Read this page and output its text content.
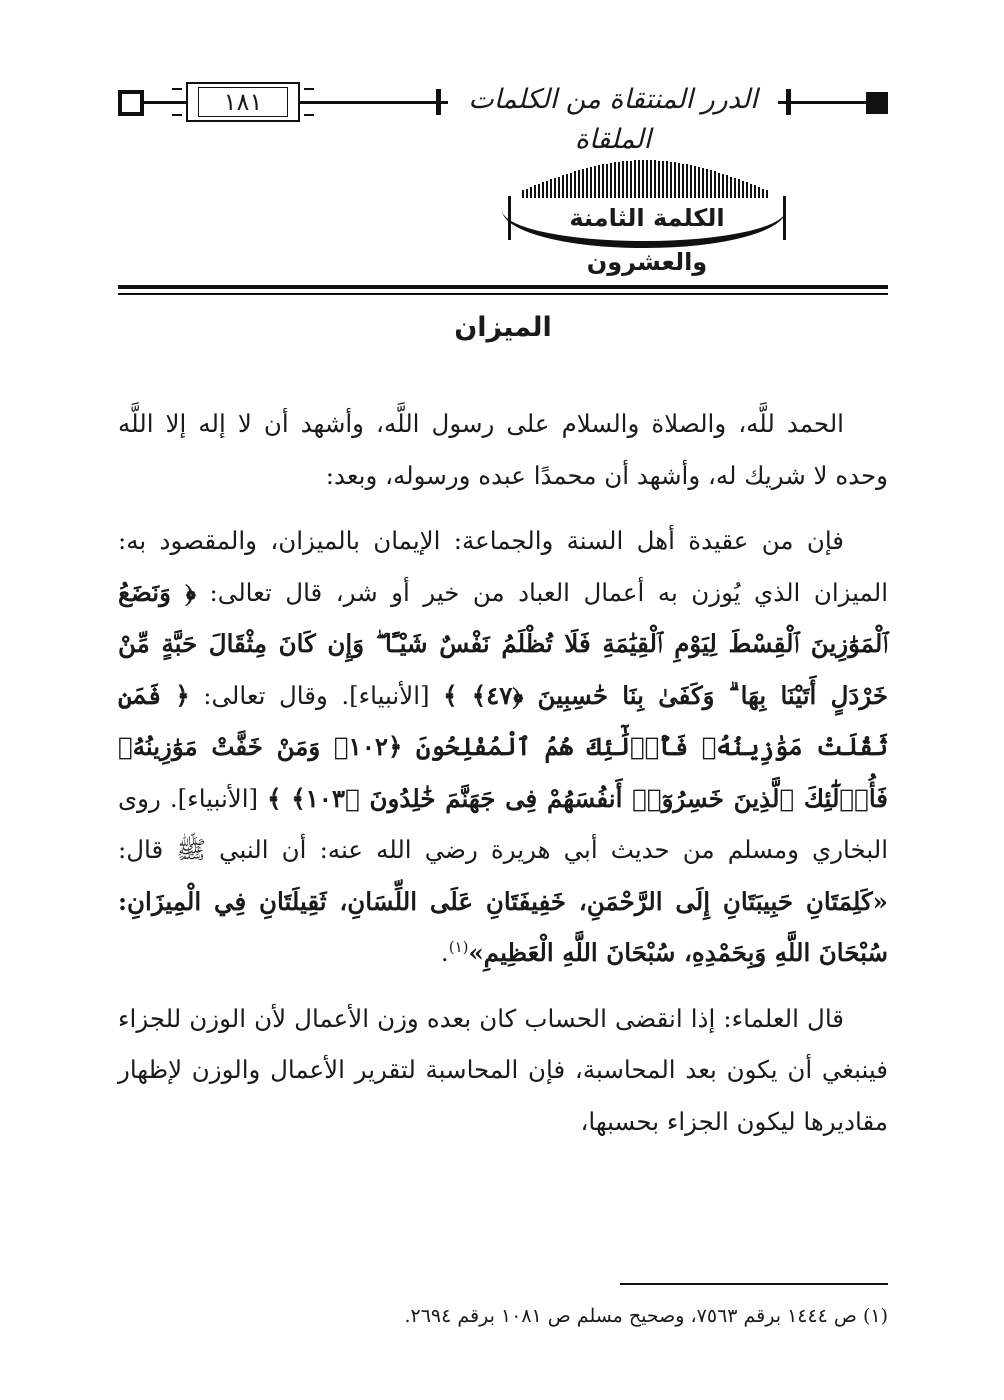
١٨١	الدرر المنتقاة من الكلمات الملقاة
الكلمة الثامنة والعشرون
الميزان

الحمد للَّه، والصلاة والسلام على رسول اللَّه، وأشهد أن لا إله إلا اللَّه وحده لا شريك له، وأشهد أن محمدًا عبده ورسوله، وبعد:

فإن من عقيدة أهل السنة والجماعة: الإيمان بالميزان، والمقصود به: الميزان الذي يُوزن به أعمال العباد من خير أو شر، قال تعالى: ﴿ وَنَضَعُ ٱلْمَوَٰزِينَ ٱلْقِسْطَ لِيَوْمِ ٱلْقِيَٰمَةِ فَلَا تُظْلَمُ نَفْسٌ شَيْـًٔا ۖ وَإِن كَانَ مِثْقَالَ حَبَّةٍ مِّنْ خَرْدَلٍ أَتَيْنَا بِهَا ۗ وَكَفَىٰ بِنَا حَٰسِبِينَ ﴿٤٧﴾ ﴾ [الأنبياء]. وقال تعالى: ﴿ فَمَن ثَقُلَتْ مَوَٰزِينُهُۥ فَأُو۟لَٰٓئِكَ هُمُ ٱلْمُفْلِحُونَ ﴿١٠٢﴾ وَمَنْ خَفَّتْ مَوَٰزِينُهُۥ فَأُو۟لَٰٓئِكَ ٱلَّذِينَ خَسِرُوٓا۟ أَنفُسَهُمْ فِى جَهَنَّمَ خَٰلِدُونَ ﴿١٠٣﴾ ﴾ [الأنبياء]. روى البخاري ومسلم من حديث أبي هريرة رضي الله عنه: أن النبي ﷺ قال: «كَلِمَتَانِ حَبِيبَتَانِ إِلَى الرَّحْمَنِ، خَفِيفَتَانِ عَلَى اللِّسَانِ، ثَقِيلَتَانِ فِي الْمِيزَانِ: سُبْحَانَ اللَّهِ وَبِحَمْدِهِ، سُبْحَانَ اللَّهِ الْعَظِيمِ»$^{(١)}$.

قال العلماء: إذا انقضى الحساب كان بعده وزن الأعمال لأن الوزن للجزاء فينبغي أن يكون بعد المحاسبة، فإن المحاسبة لتقرير الأعمال والوزن لإظهار مقاديرها ليكون الجزاء بحسبها،

(١) ص ١٤٤٤ برقم ٧٥٦٣، وصحيح مسلم ص ١٠٨١ برقم ٢٦٩٤.
